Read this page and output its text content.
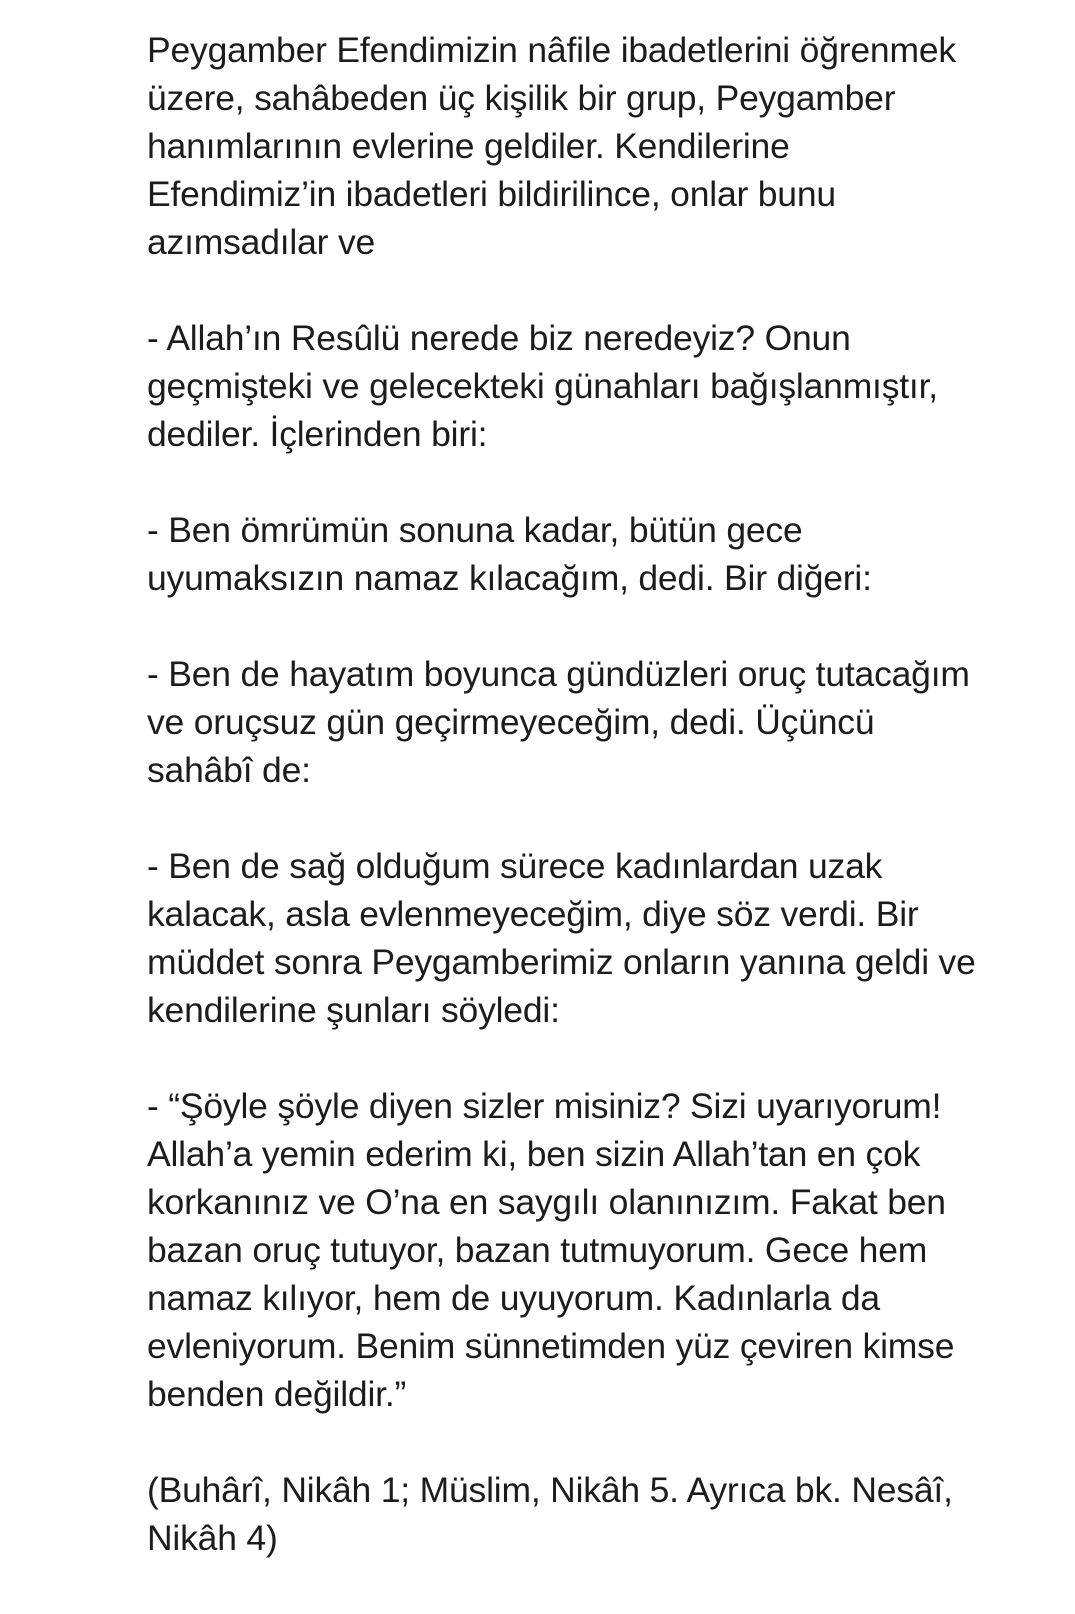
Peygamber Efendimizin nâfile ibadetlerini öğrenmek
üzere, sahâbeden üç kişilik bir grup, Peygamber
hanımlarının evlerine geldiler. Kendilerine
Efendimiz’in ibadetleri bildirilince, onlar bunu
azımsadılar ve

- Allah’ın Resûlü nerede biz neredeyiz? Onun
geçmişteki ve gelecekteki günahları bağışlanmıştır,
dediler. İçlerinden biri:

- Ben ömrümün sonuna kadar, bütün gece
uyumaksızın namaz kılacağım, dedi. Bir diğeri:

- Ben de hayatım boyunca gündüzleri oruç tutacağım
ve oruçsuz gün geçirmeyeceğim, dedi. Üçüncü
sahâbî de:

- Ben de sağ olduğum sürece kadınlardan uzak
kalacak, asla evlenmeyeceğim, diye söz verdi. Bir
müddet sonra Peygamberimiz onların yanına geldi ve
kendilerine şunları söyledi:

- “Şöyle şöyle diyen sizler misiniz? Sizi uyarıyorum!
Allah’a yemin ederim ki, ben sizin Allah’tan en çok
korkanınız ve O’na en saygılı olanınızım. Fakat ben
bazan oruç tutuyor, bazan tutmuyorum. Gece hem
namaz kılıyor, hem de uyuyorum. Kadınlarla da
evleniyorum. Benim sünnetimden yüz çeviren kimse
benden değildir.”

(Buhârî, Nikâh 1; Müslim, Nikâh 5. Ayrıca bk. Nesâî,
Nikâh 4)
